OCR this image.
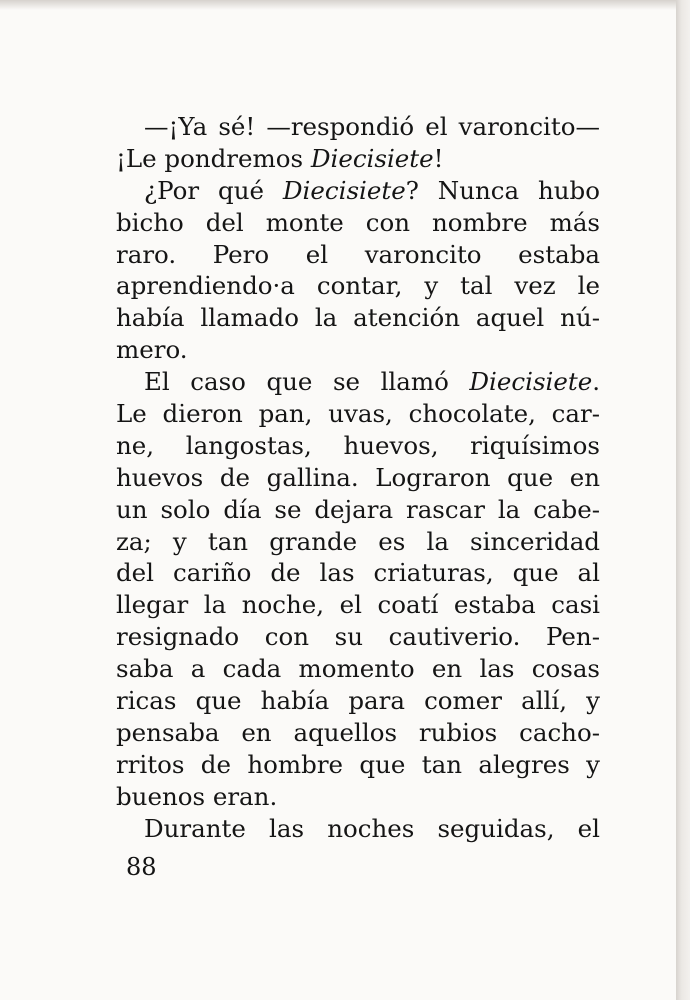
—¡Ya sé! —respondió el varoncito—
¡Le pondremos Diecisiete!
¿Por qué Diecisiete? Nunca hubo
bicho del monte con nombre más
raro. Pero el varoncito estaba
aprendiendo·a contar, y tal vez le
había llamado la atención aquel nú-
mero.
El caso que se llamó Diecisiete.
Le dieron pan, uvas, chocolate, car-
ne, langostas, huevos, riquísimos
huevos de gallina. Lograron que en
un solo día se dejara rascar la cabe-
za; y tan grande es la sinceridad
del cariño de las criaturas, que al
llegar la noche, el coatí estaba casi
resignado con su cautiverio. Pen-
saba a cada momento en las cosas
ricas que había para comer allí, y
pensaba en aquellos rubios cacho-
rritos de hombre que tan alegres y
buenos eran.
Durante las noches seguidas, el
88
